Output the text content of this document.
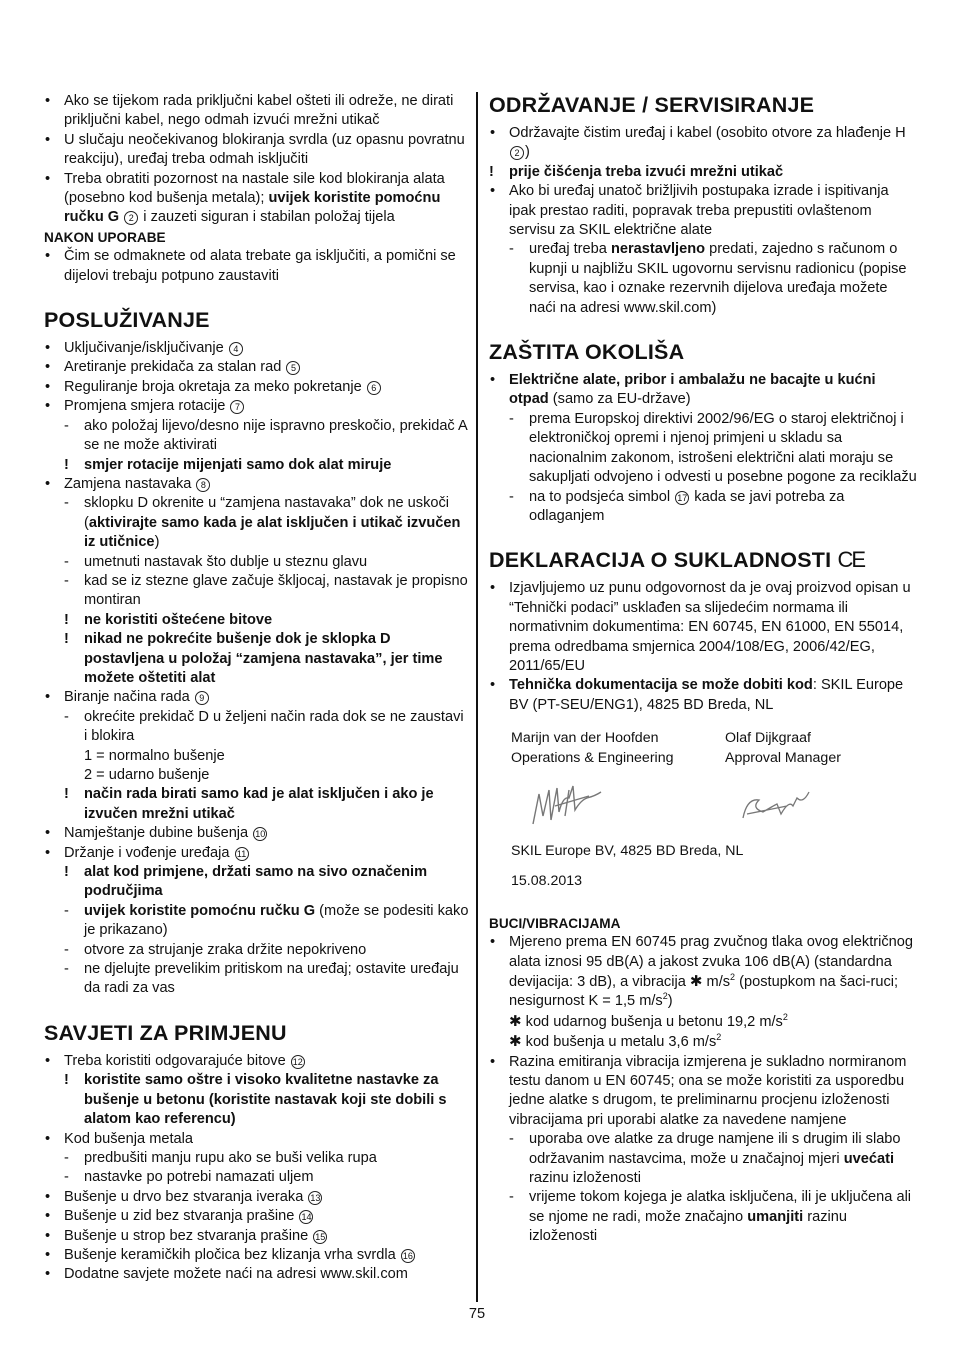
• Ako se tijekom rada priključni kabel ošteti ili odreže, ne dirati priključni kabel, nego odmah izvući mrežni utikač
• U slučaju neočekivanog blokiranja svrdla (uz opasnu povratnu reakciju), uređaj treba odmah isključiti
• Treba obratiti pozornost na nastale sile kod blokiranja alata (posebno kod bušenja metala); uvijek koristite pomoćnu ručku G 2 i zauzeti siguran i stabilan položaj tijela
NAKON UPORABE
• Čim se odmaknete od alata trebate ga isključiti, a pomični se dijelovi trebaju potpuno zaustaviti
POSLUŽIVANJE
• Uključivanje/isključivanje 4
• Aretiranje prekidača za stalan rad 5
• Reguliranje broja okretaja za meko pokretanje 6
• Promjena smjera rotacije 7
- ako položaj lijevo/desno nije ispravno preskočio, prekidač A se ne može aktivirati
! smjer rotacije mijenjati samo dok alat miruje
• Zamjena nastavaka 8
- sklopku D okrenite u “zamjena nastavaka” dok ne uskoči (aktivirajte samo kada je alat isključen i utikač izvučen iz utičnice)
- umetnuti nastavak što dublje u steznu glavu
- kad se iz stezne glave začuje škljocaj, nastavak je propisno montiran
! ne koristiti oštećene bitove
! nikad ne pokrećite bušenje dok je sklopka D postavljena u položaj “zamjena nastavaka”, jer time možete oštetiti alat
• Biranje načina rada 9
- okrećite prekidač D u željeni način rada dok se ne zaustavi i blokira
1 = normalno bušenje
2 = udarno bušenje
! način rada birati samo kad je alat isključen i ako je izvučen mrežni utikač
• Namještanje dubine bušenja 10
• Držanje i vođenje uređaja 11
! alat kod primjene, držati samo na sivo označenim područjima
- uvijek koristite pomoćnu ručku G (može se podesiti kako je prikazano)
- otvore za strujanje zraka držite nepokriveno
- ne djelujte prevelikim pritiskom na uređaj; ostavite uređaju da radi za vas
SAVJETI ZA PRIMJENU
• Treba koristiti odgovarajuće bitove 12
! koristite samo oštre i visoko kvalitetne nastavke za bušenje u betonu (koristite nastavak koji ste dobili s alatom kao referencu)
• Kod bušenja metala
- predbušiti manju rupu ako se buši velika rupa
- nastavke po potrebi namazati uljem
• Bušenje u drvo bez stvaranja iveraka 13
• Bušenje u zid bez stvaranja prašine 14
• Bušenje u strop bez stvaranja prašine 15
• Bušenje keramičkih pločica bez klizanja vrha svrdla 16
• Dodatne savjete možete naći na adresi www.skil.com
ODRŽAVANJE / SERVISIRANJE
• Održavajte čistim uređaj i kabel (osobito otvore za hlađenje H 2 )
! prije čišćenja treba izvući mrežni utikač
• Ako bi uređaj unatoč brižljivih postupaka izrade i ispitivanja ipak prestao raditi, popravak treba prepustiti ovlaštenom servisu za SKIL električne alate
- uređaj treba nerastavljeno predati, zajedno s računom o kupnji u najbližu SKIL ugovornu servisnu radionicu (popise servisa, kao i oznake rezervnih dijelova uređaja možete naći na adresi www.skil.com)
ZAŠTITA OKOLIŠA
• Električne alate, pribor i ambalažu ne bacajte u kućni otpad (samo za EU-države)
- prema Europskoj direktivi 2002/96/EG o staroj električnoj i elektroničkoj opremi i njenoj primjeni u skladu sa nacionalnim zakonom, istrošeni električni alati moraju se sakupljati odvojeno i odvesti u posebne pogone za reciklažu
- na to podsjeća simbol 17 kada se javi potreba za odlaganjem
DEKLARACIJA O SUKLADNOSTI CE
• Izjavljujemo uz punu odgovornost da je ovaj proizvod opisan u “Tehnički podaci” usklađen sa slijedećim normama ili normativnim dokumentima: EN 60745, EN 61000, EN 55014, prema odredbama smjernica 2004/108/EG, 2006/42/EG, 2011/65/EU
• Tehnička dokumentacija se može dobiti kod: SKIL Europe BV (PT-SEU/ENG1), 4825 BD Breda, NL
Marijn van der Hoofden
Operations & Engineering
Olaf Dijkgraaf
Approval Manager
SKIL Europe BV, 4825 BD Breda, NL
15.08.2013
BUCI/VIBRACIJAMA
• Mjereno prema EN 60745 prag zvučnog tlaka ovog električnog alata iznosi 95 dB(A) a jakost zvuka 106 dB(A) (standardna devijacija: 3 dB), a vibracija ✱ $m/s^2$ (postupkom na šaci-ruci; nesigurnost K = 1,5 $m/s^2$)
✱ kod udarnog bušenja u betonu 19,2 $m/s^2$
✱ kod bušenja u metalu 3,6 $m/s^2$
• Razina emitiranja vibracija izmjerena je sukladno normiranom testu danom u EN 60745; ona se može koristiti za usporedbu jedne alatke s drugom, te preliminarnu procjenu izloženosti vibracijama pri uporabi alatke za navedene namjene
- uporaba ove alatke za druge namjene ili s drugim ili slabo održavanim nastavcima, može u značajnoj mjeri uvećati razinu izloženosti
- vrijeme tokom kojega je alatka isključena, ili je uključena ali se njome ne radi, može značajno umanjiti razinu izloženosti
75
